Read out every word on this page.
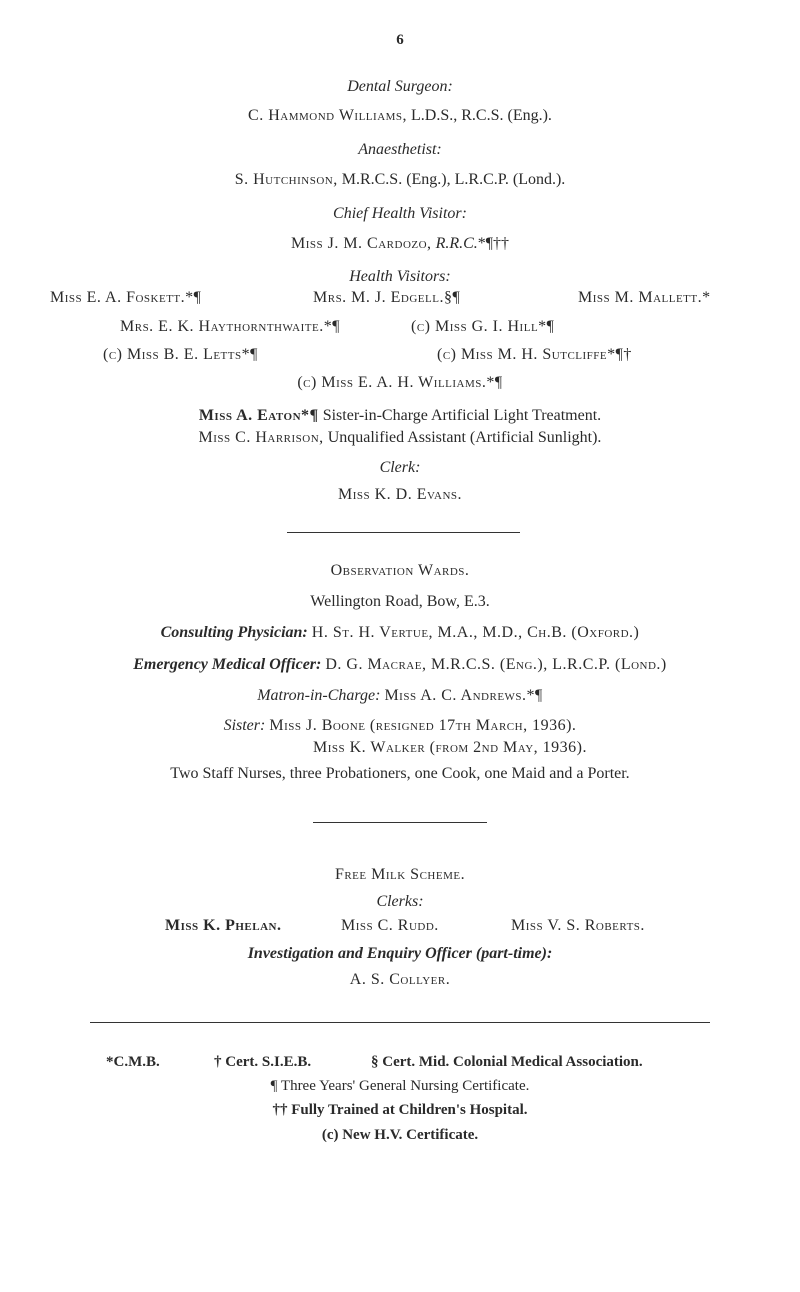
6
Dental Surgeon:
C. Hammond Williams, L.D.S., R.C.S. (Eng.).
Anaesthetist:
S. Hutchinson, M.R.C.S. (Eng.), L.R.C.P. (Lond.).
Chief Health Visitor:
Miss J. M. Cardozo, R.R.C.*¶††
Health Visitors:
Miss E. A. Foskett.*¶	Mrs. M. J. Edgell.§¶	Miss M. Mallett.*
Mrs. E. K. Haythornthwaite.*¶	(c) Miss G. I. Hill*¶
(c) Miss B. E. Letts*¶	(c) Miss M. H. Sutcliffe*¶†
(c) Miss E. A. H. Williams.*¶
Miss A. Eaton*¶ Sister-in-Charge Artificial Light Treatment.
Miss C. Harrison, Unqualified Assistant (Artificial Sunlight).
Clerk:
Miss K. D. Evans.
Observation Wards.
Wellington Road, Bow, E.3.
Consulting Physician: H. St. H. Vertue, M.A., M.D., Ch.B. (Oxford.)
Emergency Medical Officer: D. G. Macrae, M.R.C.S. (Eng.), L.R.C.P. (Lond.)
Matron-in-Charge: Miss A. C. Andrews.*¶
Sister: Miss J. Boone (resigned 17th March, 1936).
Miss K. Walker (from 2nd May, 1936).
Two Staff Nurses, three Probationers, one Cook, one Maid and a Porter.
Free Milk Scheme.
Clerks:
Miss K. Phelan.	Miss C. Rudd.	Miss V. S. Roberts.
Investigation and Enquiry Officer (part-time):
A. S. Collyer.
*C.M.B.	† Cert. S.I.E.B.	§ Cert. Mid. Colonial Medical Association.
¶ Three Years' General Nursing Certificate.
†† Fully Trained at Children's Hospital.
(c) New H.V. Certificate.
